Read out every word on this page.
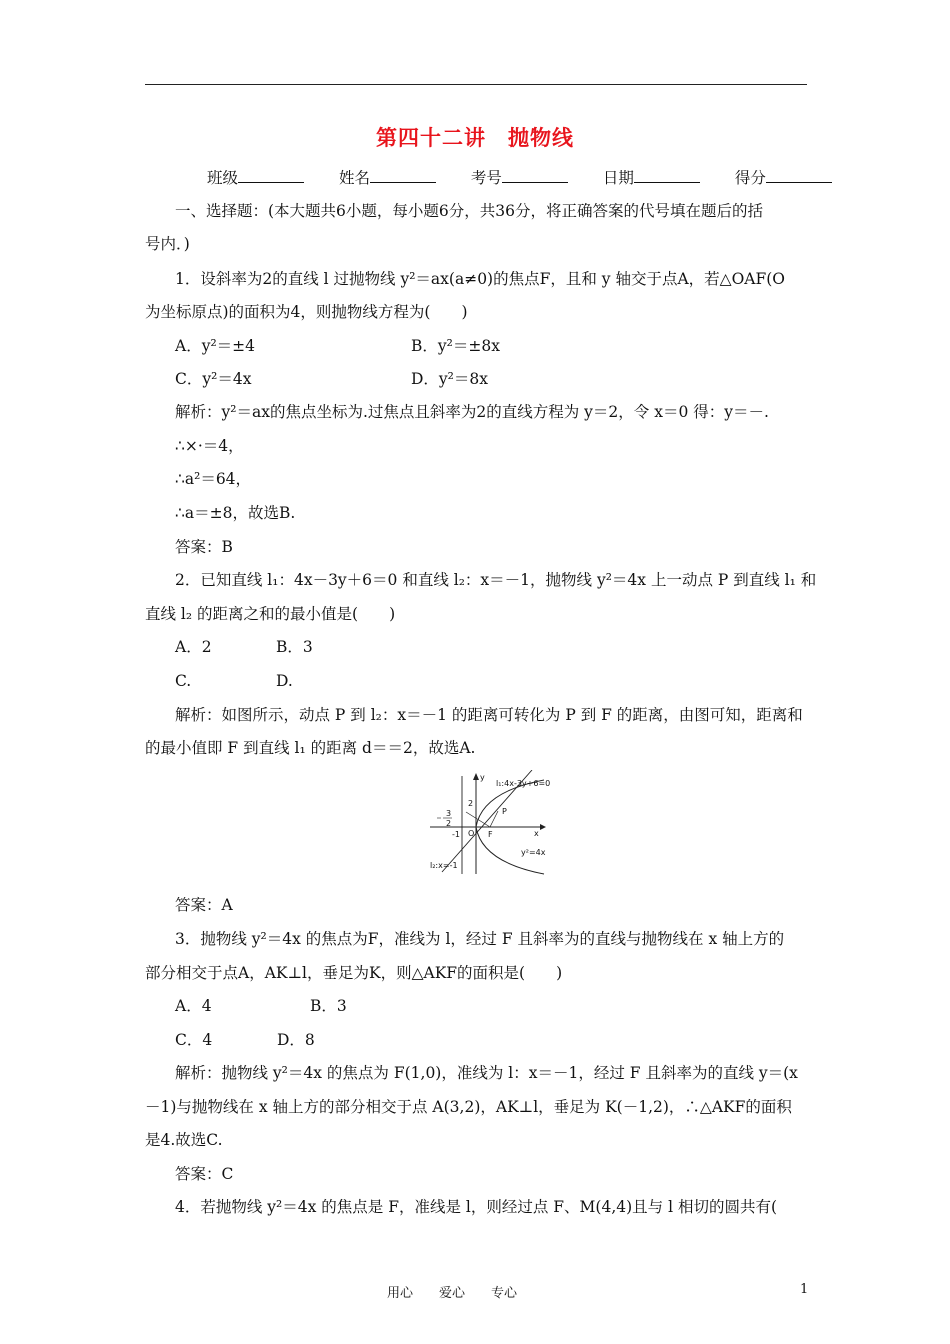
第四十二讲　抛物线
班级	姓名	考号	日期	得分
一、选择题：(本大题共6小题，每小题6分，共36分，将正确答案的代号填在题后的括
号内．)
1．设斜率为2的直线 l 过抛物线 y²＝ax(a≠0)的焦点F，且和 y 轴交于点A，若△OAF(O
为坐标原点)的面积为4，则抛物线方程为(　　)
A．y²＝±4	B．y²＝±8x
C．y²＝4x	D．y²＝8x
解析：y²＝ax的焦点坐标为.过焦点且斜率为2的直线方程为 y＝2，令 x＝0 得：y＝－.
∴×·＝4，
∴a²＝64，
∴a＝±8，故选B.
答案：B
2．已知直线 l₁：4x－3y＋6＝0 和直线 l₂：x＝－1，抛物线 y²＝4x 上一动点 P 到直线 l₁ 和
直线 l₂ 的距离之和的最小值是(　　)
A．2	B．3
C.	D.
解析：如图所示，动点 P 到 l₂：x＝－1 的距离可转化为 P 到 F 的距离，由图可知，距离和
的最小值即 F 到直线 l₁ 的距离 d＝＝2，故选A.
y
x
l₁:4x-3y+6=0
3
2
2
P
-1 O F
y²=4x
l₂:x=-1
答案：A
3．抛物线 y²＝4x 的焦点为F，准线为 l，经过 F 且斜率为的直线与抛物线在 x 轴上方的
部分相交于点A，AK⊥l，垂足为K，则△AKF的面积是(　　)
A．4	B．3
C．4	D．8
解析：抛物线 y²＝4x 的焦点为 F(1,0)，准线为 l：x＝－1，经过 F 且斜率为的直线 y＝(x
－1)与抛物线在 x 轴上方的部分相交于点 A(3,2)，AK⊥l，垂足为 K(－1,2)，∴△AKF的面积
是4.故选C.
答案：C
4．若抛物线 y²＝4x 的焦点是 F，准线是 l，则经过点 F、M(4,4)且与 l 相切的圆共有(
用心　　爱心　　专心	1
